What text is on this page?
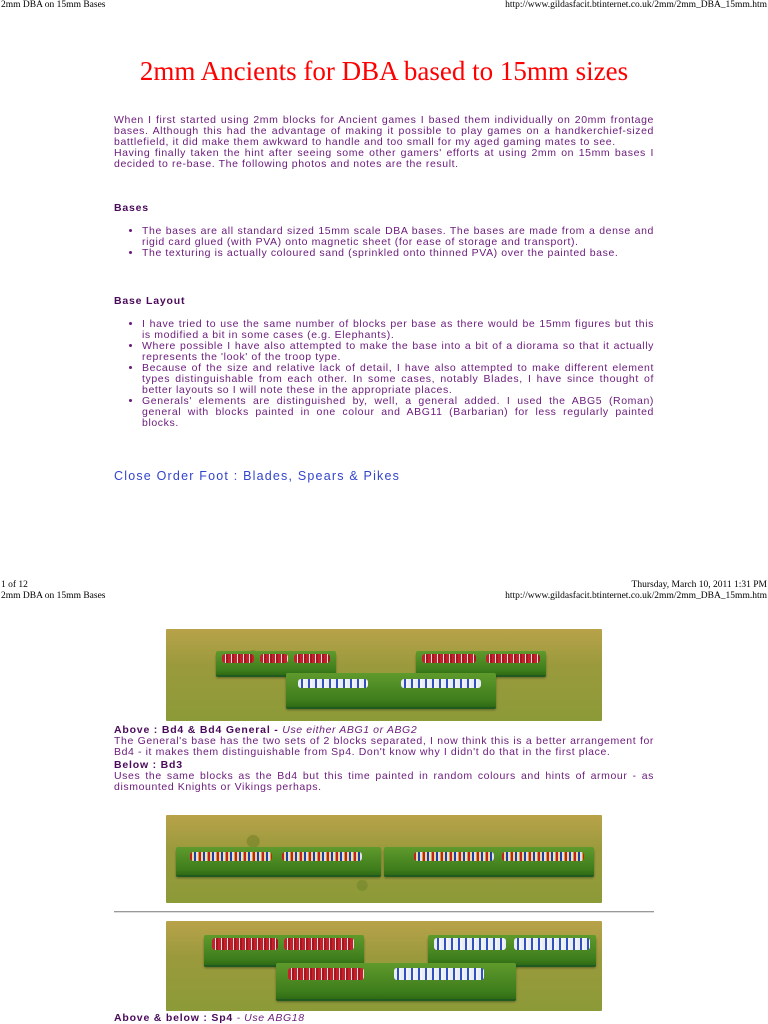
2mm DBA on 15mm Bases	http://www.gildasfacit.btinternet.co.uk/2mm/2mm_DBA_15mm.htm
2mm Ancients for DBA based to 15mm sizes

When I first started using 2mm blocks for Ancient games I based them individually on 20mm frontage bases. Although this had the advantage of making it possible to play games on a handkerchief-sized battlefield, it did make them awkward to handle and too small for my aged gaming mates to see.

Having finally taken the hint after seeing some other gamers' efforts at using 2mm on 15mm bases I decided to re-base. The following photos and notes are the result.

Bases
• The bases are all standard sized 15mm scale DBA bases. The bases are made from a dense and rigid card glued (with PVA) onto magnetic sheet (for ease of storage and transport).
• The texturing is actually coloured sand (sprinkled onto thinned PVA) over the painted base.
Base Layout
• I have tried to use the same number of blocks per base as there would be 15mm figures but this is modified a bit in some cases (e.g. Elephants).
• Where possible I have also attempted to make the base into a bit of a diorama so that it actually represents the 'look' of the troop type.
• Because of the size and relative lack of detail, I have also attempted to make different element types distinguishable from each other. In some cases, notably Blades, I have since thought of better layouts so I will note these in the appropriate places.
• Generals' elements are distinguished by, well, a general added. I used the ABG5 (Roman) general with blocks painted in one colour and ABG11 (Barbarian) for less regularly painted blocks.
Close Order Foot : Blades, Spears & Pikes
1 of 12	Thursday, March 10, 2011 1:31 PM
2mm DBA on 15mm Bases	http://www.gildasfacit.btinternet.co.uk/2mm/2mm_DBA_15mm.htm

Above : Bd4 & Bd4 General - Use either ABG1 or ABG2

The General's base has the two sets of 2 blocks separated, I now think this is a better arrangement for Bd4 - it makes them distinguishable from Sp4. Don't know why I didn't do that in the first place.

Below : Bd3

Uses the same blocks as the Bd4 but this time painted in random colours and hints of armour - as dismounted Knights or Vikings perhaps.

Above & below : Sp4 - Use ABG18
